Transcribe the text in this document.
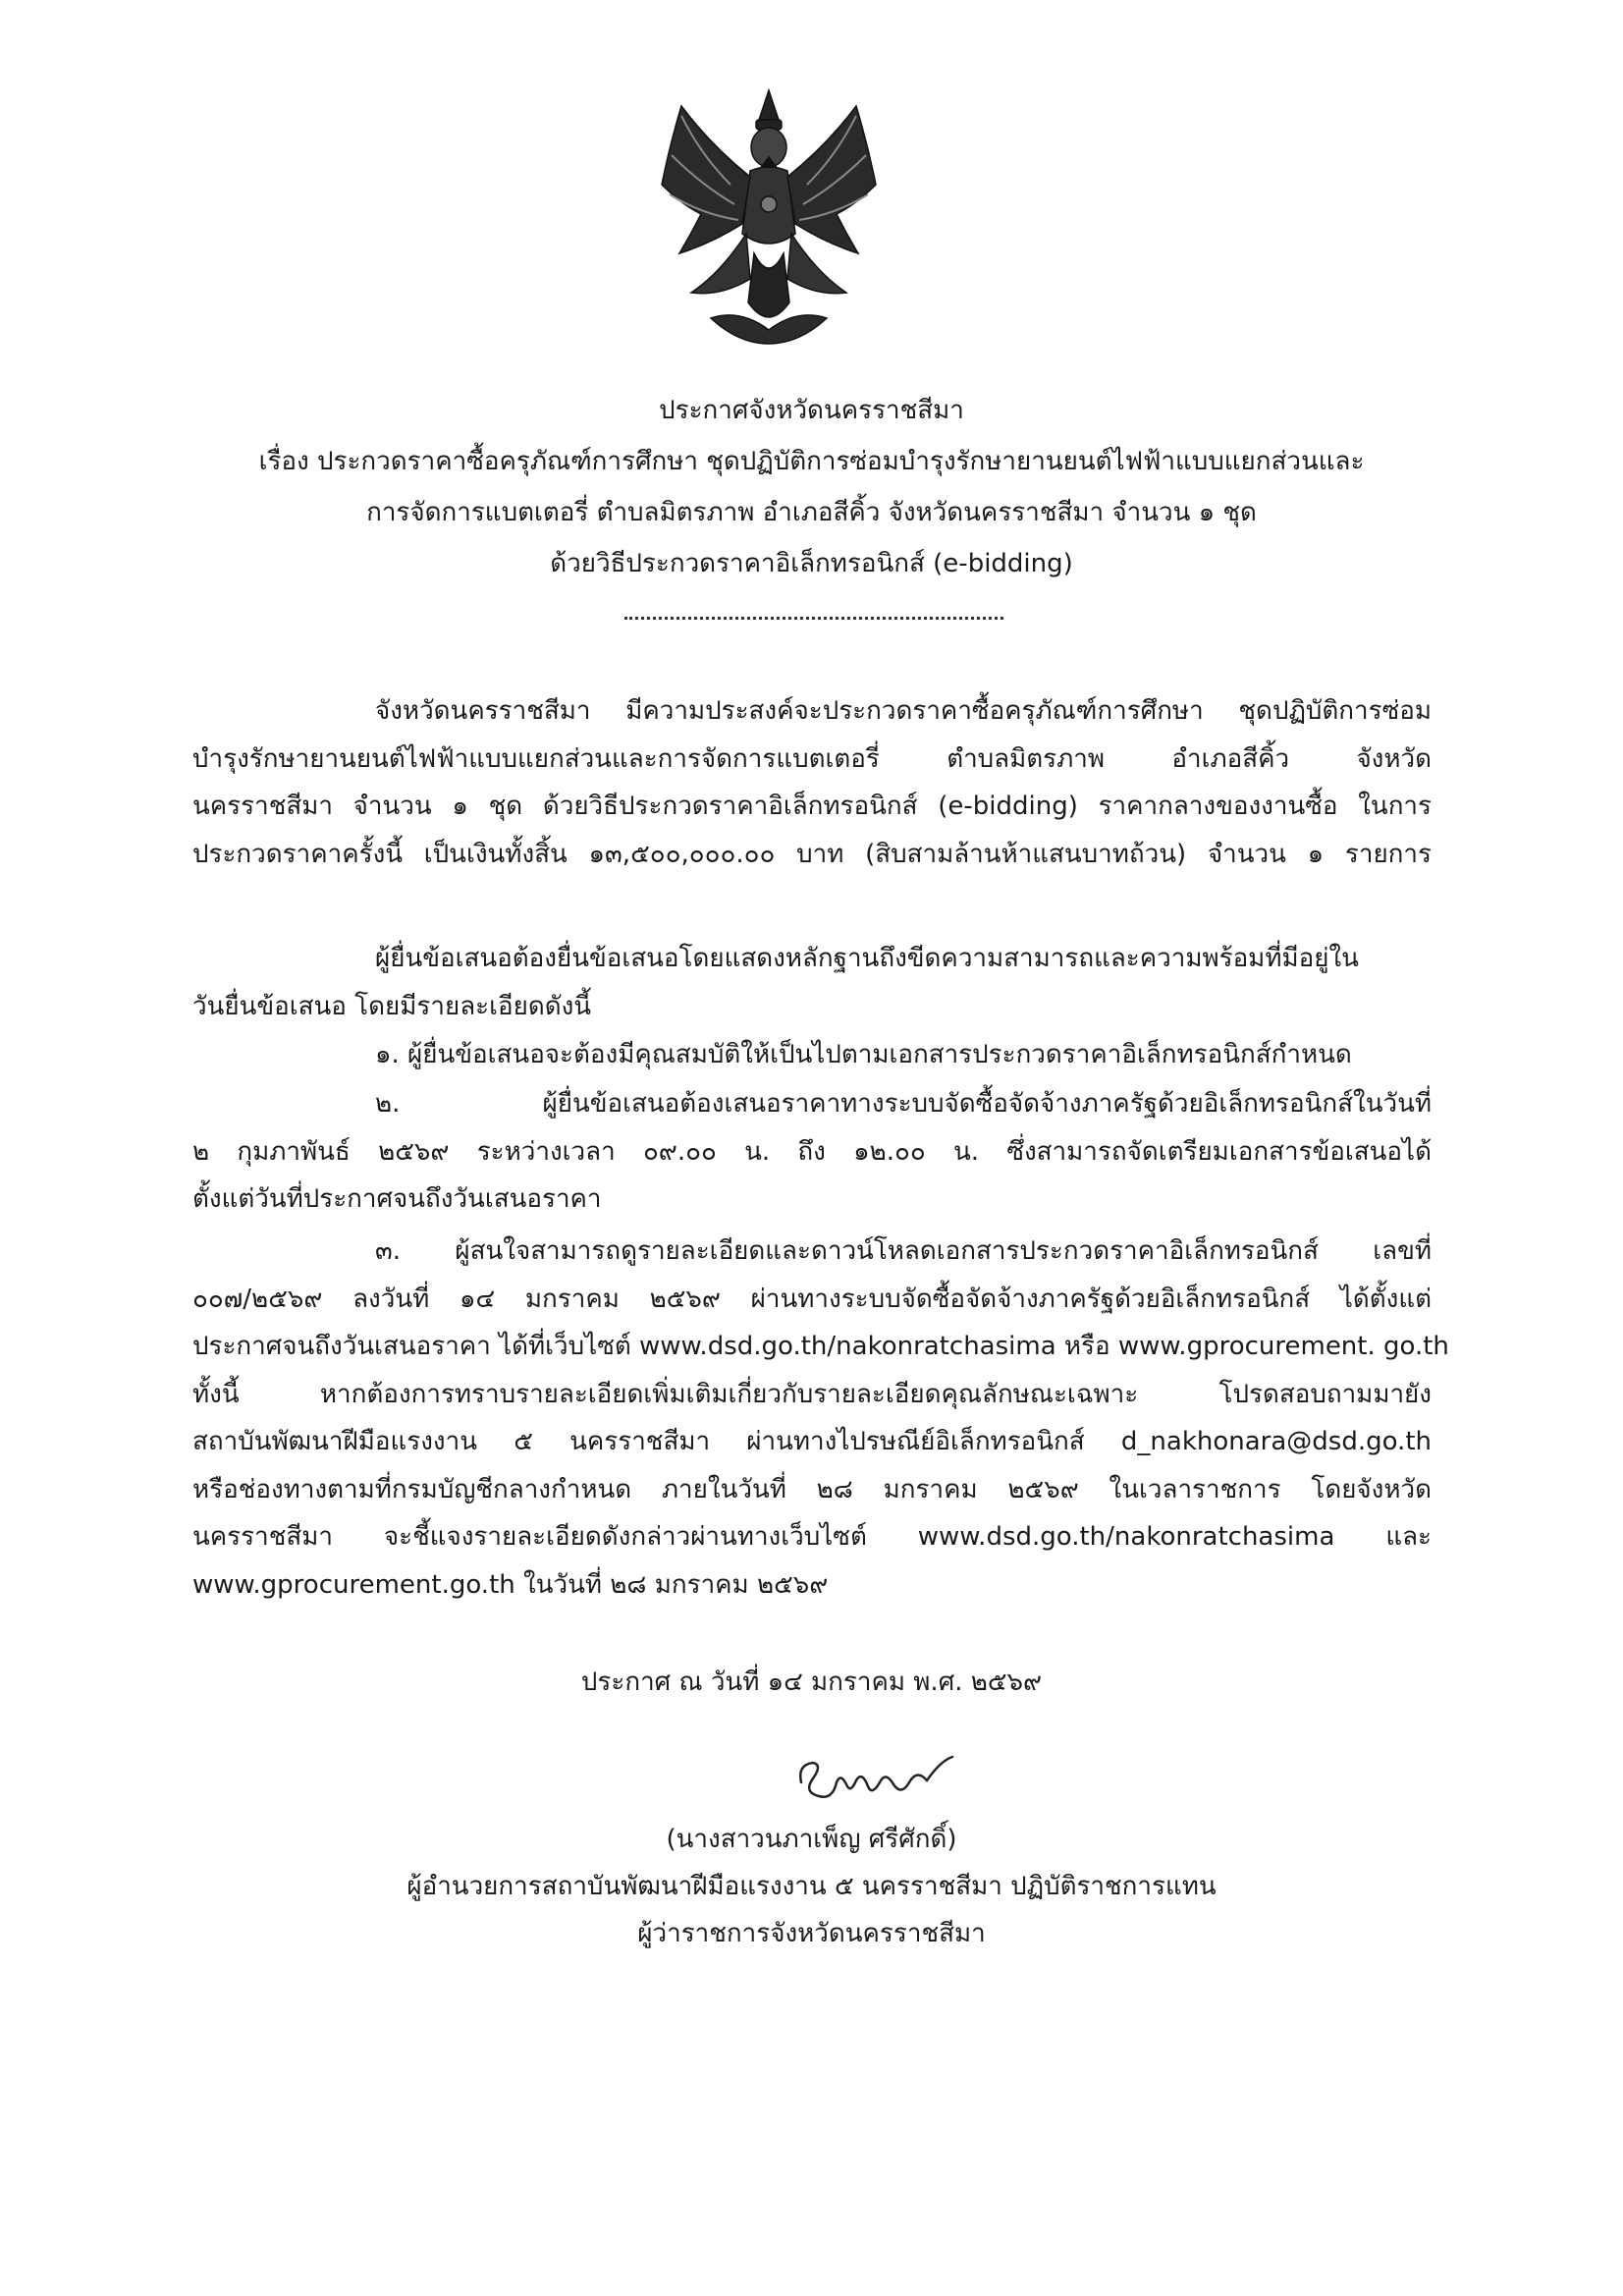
ประกาศจังหวัดนครราชสีมา
เรื่อง ประกวดราคาซื้อครุภัณฑ์การศึกษา ชุดปฏิบัติการซ่อมบำรุงรักษายานยนต์ไฟฟ้าแบบแยกส่วนและ
การจัดการแบตเตอรี่ ตำบลมิตรภาพ อำเภอสีคิ้ว จังหวัดนครราชสีมา จำนวน ๑ ชุด
ด้วยวิธีประกวดราคาอิเล็กทรอนิกส์ (e-bidding)
จังหวัดนครราชสีมา มีความประสงค์จะประกวดราคาซื้อครุภัณฑ์การศึกษา ชุดปฏิบัติการซ่อม
บำรุงรักษายานยนต์ไฟฟ้าแบบแยกส่วนและการจัดการแบตเตอรี่ ตำบลมิตรภาพ อำเภอสีคิ้ว จังหวัด
นครราชสีมา จำนวน ๑ ชุด ด้วยวิธีประกวดราคาอิเล็กทรอนิกส์ (e-bidding) ราคากลางของงานซื้อ ในการ
ประกวดราคาครั้งนี้ เป็นเงินทั้งสิ้น ๑๓,๕๐๐,๐๐๐.๐๐ บาท (สิบสามล้านห้าแสนบาทถ้วน) จำนวน ๑ รายการ
ผู้ยื่นข้อเสนอต้องยื่นข้อเสนอโดยแสดงหลักฐานถึงขีดความสามารถและความพร้อมที่มีอยู่ใน
วันยื่นข้อเสนอ โดยมีรายละเอียดดังนี้
๑. ผู้ยื่นข้อเสนอจะต้องมีคุณสมบัติให้เป็นไปตามเอกสารประกวดราคาอิเล็กทรอนิกส์กำหนด
๒. ผู้ยื่นข้อเสนอต้องเสนอราคาทางระบบจัดซื้อจัดจ้างภาครัฐด้วยอิเล็กทรอนิกส์ในวันที่
๒ กุมภาพันธ์ ๒๕๖๙ ระหว่างเวลา ๐๙.๐๐ น. ถึง ๑๒.๐๐ น. ซึ่งสามารถจัดเตรียมเอกสารข้อเสนอได้
ตั้งแต่วันที่ประกาศจนถึงวันเสนอราคา
๓. ผู้สนใจสามารถดูรายละเอียดและดาวน์โหลดเอกสารประกวดราคาอิเล็กทรอนิกส์ เลขที่
๐๐๗/๒๕๖๙ ลงวันที่ ๑๔ มกราคม ๒๕๖๙ ผ่านทางระบบจัดซื้อจัดจ้างภาครัฐด้วยอิเล็กทรอนิกส์ ได้ตั้งแต่
ประกาศจนถึงวันเสนอราคา ได้ที่เว็บไซต์ www.dsd.go.th/nakonratchasima หรือ www.gprocurement. go.th
ทั้งนี้ หากต้องการทราบรายละเอียดเพิ่มเติมเกี่ยวกับรายละเอียดคุณลักษณะเฉพาะ โปรดสอบถามมายัง
สถาบันพัฒนาฝีมือแรงงาน ๕ นครราชสีมา ผ่านทางไปรษณีย์อิเล็กทรอนิกส์ d_nakhonara@dsd.go.th
หรือช่องทางตามที่กรมบัญชีกลางกำหนด ภายในวันที่ ๒๘ มกราคม ๒๕๖๙ ในเวลาราชการ โดยจังหวัด
นครราชสีมา จะชี้แจงรายละเอียดดังกล่าวผ่านทางเว็บไซต์ www.dsd.go.th/nakonratchasima และ
www.gprocurement.go.th ในวันที่ ๒๘ มกราคม ๒๕๖๙
ประกาศ ณ วันที่ ๑๔ มกราคม พ.ศ. ๒๕๖๙
(นางสาวนภาเพ็ญ ศรีศักดิ์)
ผู้อำนวยการสถาบันพัฒนาฝีมือแรงงาน ๕ นครราชสีมา ปฏิบัติราชการแทน
ผู้ว่าราชการจังหวัดนครราชสีมา
